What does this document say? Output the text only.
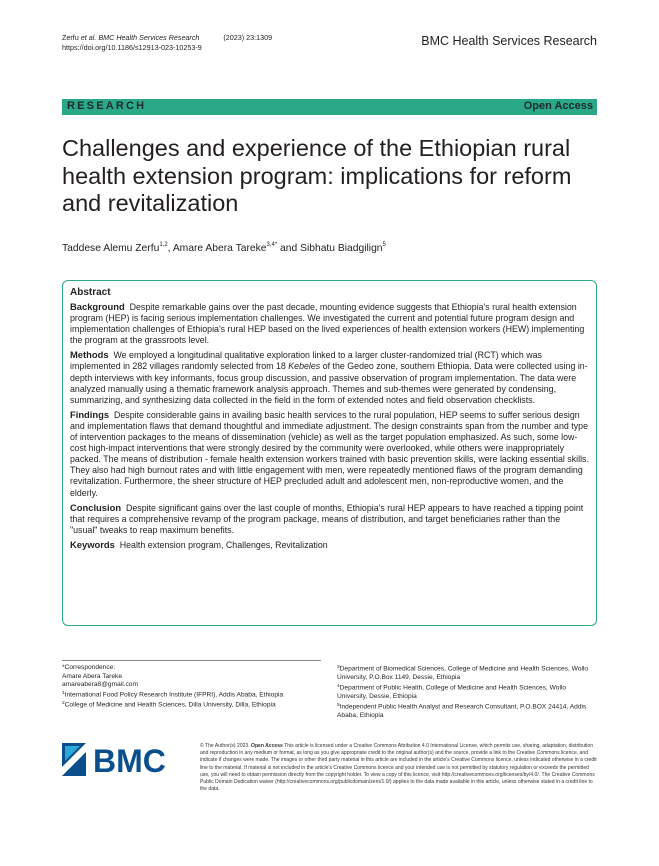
Zerfu et al. BMC Health Services Research	(2023) 23:1309
https://doi.org/10.1186/s12913-023-10253-9	BMC Health Services Research
RESEARCH	Open Access
Challenges and experience of the Ethiopian rural health extension program: implications for reform and revitalization
Taddese Alemu Zerfu$^{1,2}$, Amare Abera Tareke$^{3,4*}$ and Sibhatu Biadgilign$^5$
Abstract

Background Despite remarkable gains over the past decade, mounting evidence suggests that Ethiopia's rural health extension program (HEP) is facing serious implementation challenges. We investigated the current and potential future program design and implementation challenges of Ethiopia's rural HEP based on the lived experiences of health extension workers (HEW) implementing the program at the grassroots level.

Methods We employed a longitudinal qualitative exploration linked to a larger cluster-randomized trial (RCT) which was implemented in 282 villages randomly selected from 18 Kebeles of the Gedeo zone, southern Ethiopia. Data were collected using in-depth interviews with key informants, focus group discussion, and passive observation of program implementation. The data were analyzed manually using a thematic framework analysis approach. Themes and sub-themes were generated by condensing, summarizing, and synthesizing data collected in the field in the form of extended notes and field observation checklists.

Findings Despite considerable gains in availing basic health services to the rural population, HEP seems to suffer serious design and implementation flaws that demand thoughtful and immediate adjustment. The design constraints span from the number and type of intervention packages to the means of dissemination (vehicle) as well as the target population emphasized. As such, some low-cost high-impact interventions that were strongly desired by the community were overlooked, while others were inappropriately packed. The means of distribution - female health extension workers trained with basic prevention skills, were lacking essential skills. They also had high burnout rates and with little engagement with men, were repeatedly mentioned flaws of the program demanding revitalization. Furthermore, the sheer structure of HEP precluded adult and adolescent men, non-reproductive women, and the elderly.

Conclusion Despite significant gains over the last couple of months, Ethiopia's rural HEP appears to have reached a tipping point that requires a comprehensive revamp of the program package, means of distribution, and target beneficiaries rather than the "usual" tweaks to reap maximum benefits.

Keywords Health extension program, Challenges, Revitalization

*Correspondence:

Amare Abera Tareke

amareabera8@gmail.com

$^1$International Food Policy Research Institute (IFPRI), Addis Ababa, Ethiopia

$^2$College of Medicine and Health Sciences, Dilla University, Dilla, Ethiopia

$^3$Department of Biomedical Sciences, College of Medicine and Health Sciences, Wollo University, P.O.Box 1149, Dessie, Ethiopia

$^4$Department of Public Health, College of Medicine and Health Sciences, Wollo University, Dessie, Ethiopia

$^5$Independent Public Health Analyst and Research Consultant, P.O.BOX 24414, Addis Ababa, Ethiopia

BMC	© The Author(s) 2023. Open Access This article is licensed under a Creative Commons Attribution 4.0 International License, which permits use, sharing, adaptation, distribution and reproduction in any medium or format, as long as you give appropriate credit to the original author(s) and the source, provide a link to the Creative Commons licence, and indicate if changes were made. The images or other third party material in this article are included in the article's Creative Commons licence, unless indicated otherwise in a credit line to the material. If material is not included in the article's Creative Commons licence and your intended use is not permitted by statutory regulation or exceeds the permitted use, you will need to obtain permission directly from the copyright holder. To view a copy of this licence, visit http://creativecommons.org/licenses/by/4.0/. The Creative Commons Public Domain Dedication waiver (http://creativecommons.org/publicdomain/zero/1.0/) applies to the data made available in this article, unless otherwise stated in a credit line to the data.
